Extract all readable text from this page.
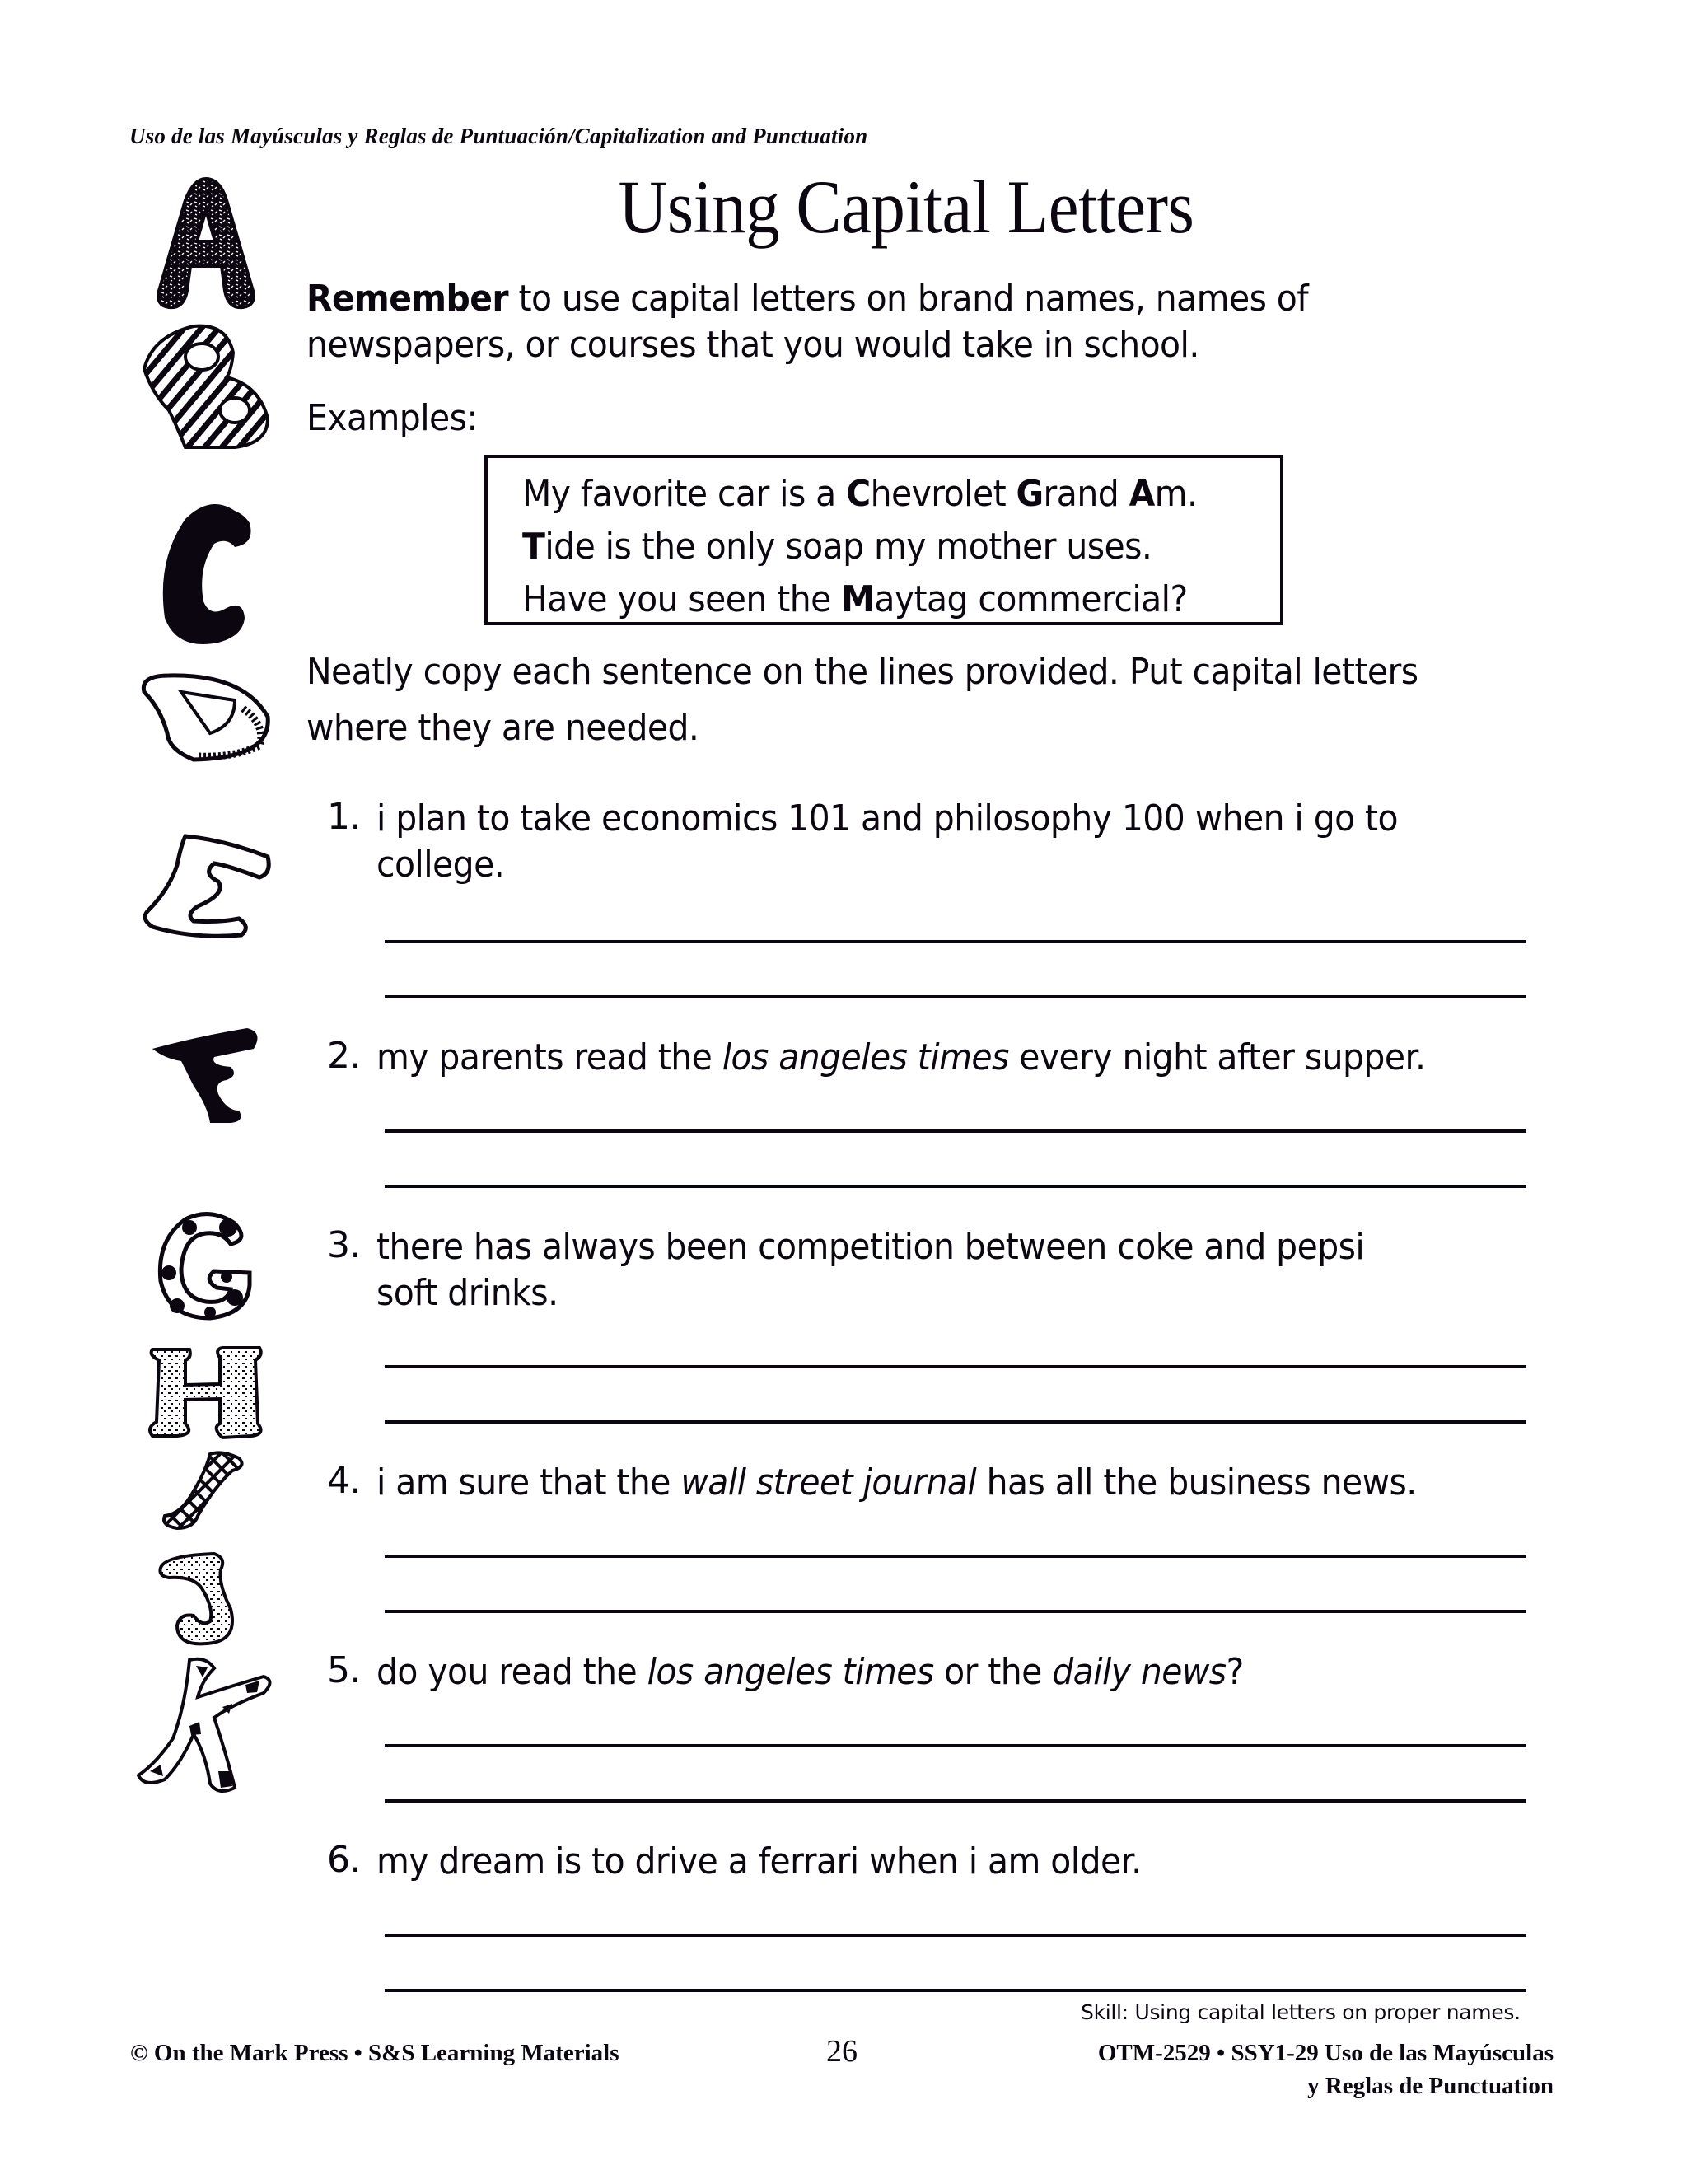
Uso de las Mayúsculas y Reglas de Puntuación/Capitalization and Punctuation
Using Capital Letters
Remember to use capital letters on brand names, names of
newspapers, or courses that you would take in school.
Examples:
My favorite car is a Chevrolet Grand Am.
Tide is the only soap my mother uses.
Have you seen the Maytag commercial?
Neatly copy each sentence on the lines provided. Put capital letters
where they are needed.
1. i plan to take economics 101 and philosophy 100 when i go to
college.
2. my parents read the los angeles times every night after supper.
3. there has always been competition between coke and pepsi
soft drinks.
4. i am sure that the wall street journal has all the business news.
5. do you read the los angeles times or the daily news?
6. my dream is to drive a ferrari when i am older.
Skill: Using capital letters on proper names.
© On the Mark Press • S&S Learning Materials	26	OTM-2529 • SSY1-29 Uso de las Mayúsculas
y Reglas de Punctuation
